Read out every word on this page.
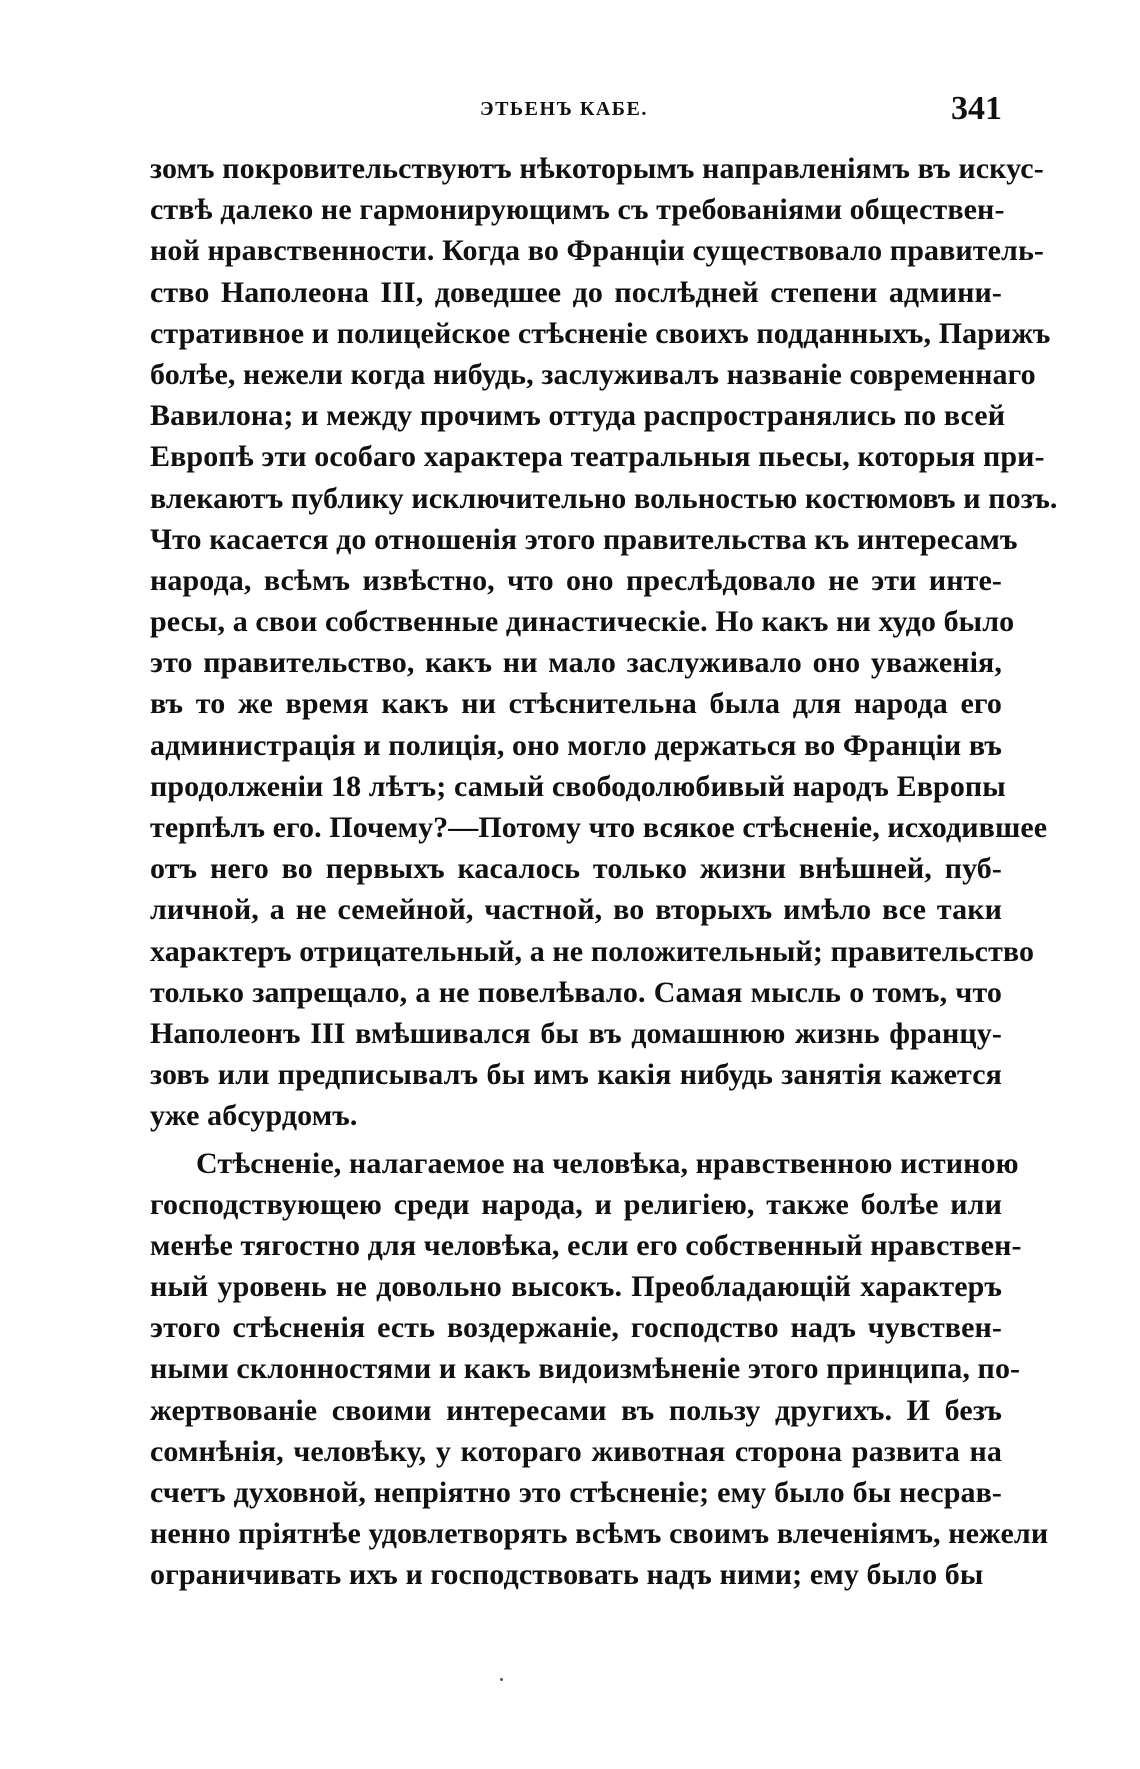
ЭТЬЕНЪ КАБЕ.	341
зомъ покровительствуютъ нѣкоторымъ направленіямъ въ искус-
ствѣ далеко не гармонирующимъ съ требованіями обществен-
ной нравственности. Когда во Франціи существовало правитель-
ство Наполеона III, доведшее до послѣдней степени админи-
стративное и полицейское стѣсненіе своихъ подданныхъ, Парижъ
болѣе, нежели когда нибудь, заслуживалъ названіе современнаго
Вавилона; и между прочимъ оттуда распространялись по всей
Европѣ эти особаго характера театральныя пьесы, которыя при-
влекаютъ публику исключительно вольностью костюмовъ и позъ.
Что касается до отношенія этого правительства къ интересамъ
народа, всѣмъ извѣстно, что оно преслѣдовало не эти инте-
ресы, а свои собственные династическіе. Но какъ ни худо было
это правительство, какъ ни мало заслуживало оно уваженія,
въ то же время какъ ни стѣснительна была для народа его
администрація и полиція, оно могло держаться во Франціи въ
продолженіи 18 лѣтъ; самый свободолюбивый народъ Европы
терпѣлъ его. Почему?—Потому что всякое стѣсненіе, исходившее
отъ него во первыхъ касалось только жизни внѣшней, пуб-
личной, а не семейной, частной, во вторыхъ имѣло все таки
характеръ отрицательный, а не положительный; правительство
только запрещало, а не повелѣвало. Самая мысль о томъ, что
Наполеонъ III вмѣшивался бы въ домашнюю жизнь францу-
зовъ или предписывалъ бы имъ какія нибудь занятія кажется
уже абсурдомъ.
Стѣсненіе, налагаемое на человѣка, нравственною истиною
господствующею среди народа, и религіею, также болѣе или
менѣе тягостно для человѣка, если его собственный нравствен-
ный уровень не довольно высокъ. Преобладающій характеръ
этого стѣсненія есть воздержаніе, господство надъ чувствен-
ными склонностями и какъ видоизмѣненіе этого принципа, по-
жертвованіе своими интересами въ пользу другихъ. И безъ
сомнѣнія, человѣку, у котораго животная сторона развита на
счетъ духовной, непріятно это стѣсненіе; ему было бы несрав-
ненно пріятнѣе удовлетворять всѣмъ своимъ влеченіямъ, нежели
ограничивать ихъ и господствовать надъ ними; ему было бы
